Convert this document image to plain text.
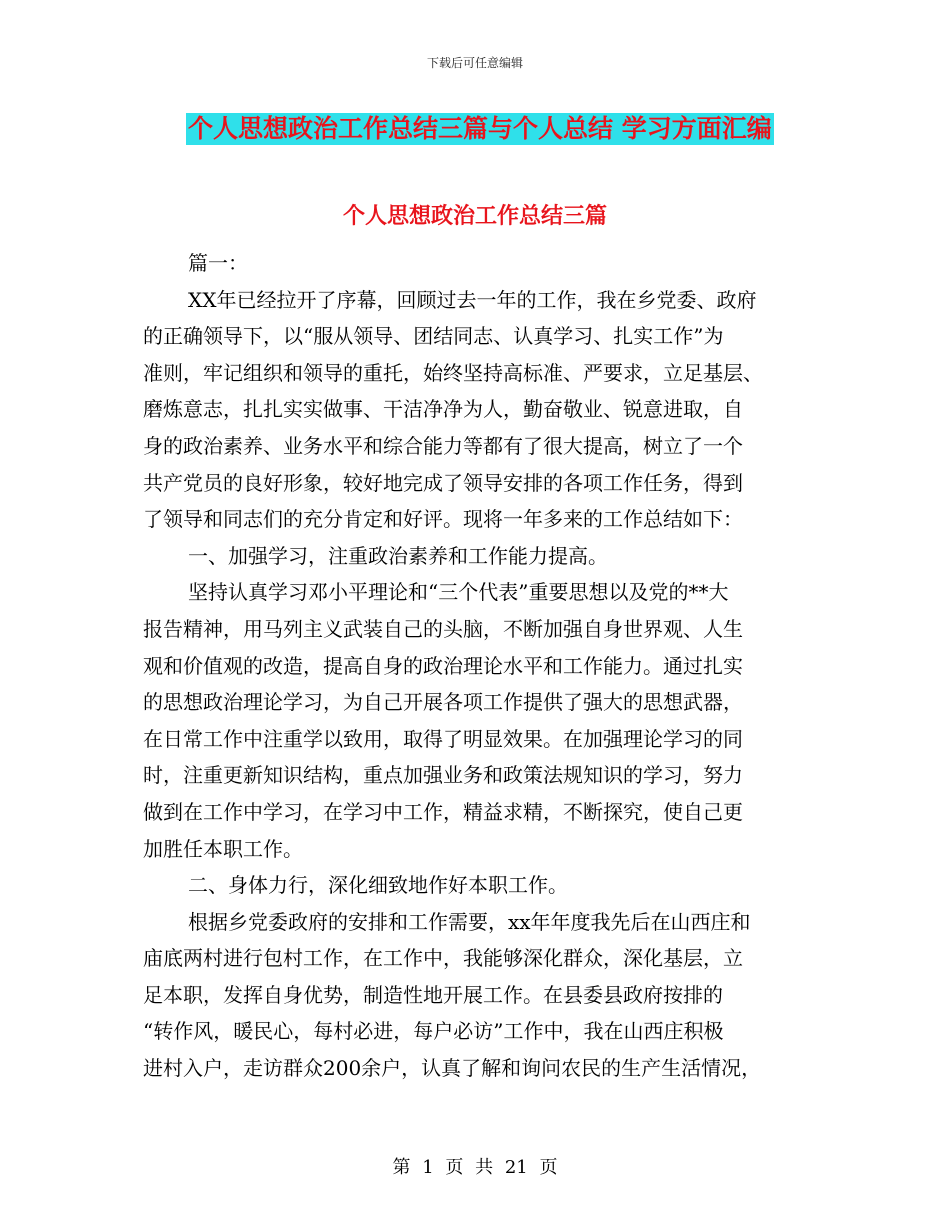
下载后可任意编辑
个人思想政治工作总结三篇与个人总结 学习方面汇编
个人思想政治工作总结三篇

篇一：

XX年已经拉开了序幕，回顾过去一年的工作，我在乡党委、政府
的正确领导下，以“服从领导、团结同志、认真学习、扎实工作”为
准则，牢记组织和领导的重托，始终坚持高标准、严要求，立足基层、
磨炼意志，扎扎实实做事、干洁净净为人，勤奋敬业、锐意进取，自
身的政治素养、业务水平和综合能力等都有了很大提高，树立了一个
共产党员的良好形象，较好地完成了领导安排的各项工作任务，得到
了领导和同志们的充分肯定和好评。现将一年多来的工作总结如下：

一、加强学习，注重政治素养和工作能力提高。

坚持认真学习邓小平理论和“三个代表”重要思想以及党的**大
报告精神，用马列主义武装自己的头脑，不断加强自身世界观、人生
观和价值观的改造，提高自身的政治理论水平和工作能力。通过扎实
的思想政治理论学习，为自己开展各项工作提供了强大的思想武器，
在日常工作中注重学以致用，取得了明显效果。在加强理论学习的同
时，注重更新知识结构，重点加强业务和政策法规知识的学习，努力
做到在工作中学习，在学习中工作，精益求精，不断探究，使自己更
加胜任本职工作。

二、身体力行，深化细致地作好本职工作。

根据乡党委政府的安排和工作需要，xx年年度我先后在山西庄和
庙底两村进行包村工作，在工作中，我能够深化群众，深化基层，立
足本职，发挥自身优势，制造性地开展工作。在县委县政府按排的
“转作风，暖民心，每村必进，每户必访”工作中，我在山西庄积极
进村入户，走访群众200余户，认真了解和询问农民的生产生活情况，

第 1 页 共 21 页
